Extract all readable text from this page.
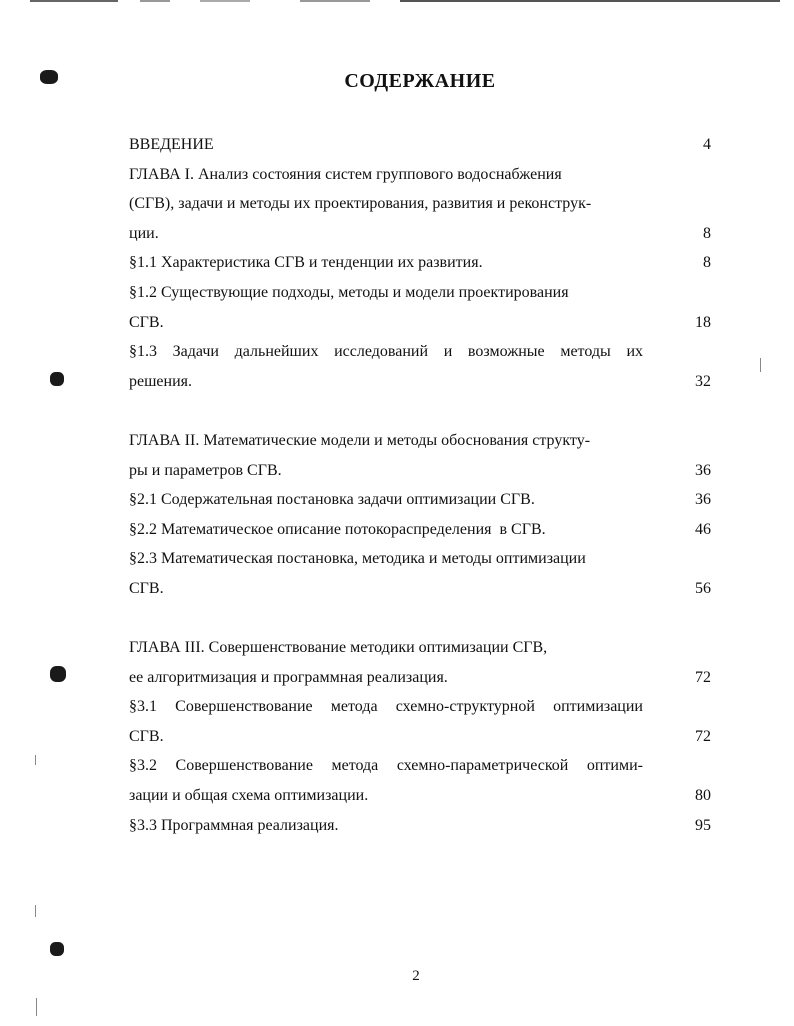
СОДЕРЖАНИЕ
ВВЕДЕНИЕ	4
ГЛАВА I. Анализ состояния систем группового водоснабжения
(СГВ), задачи и методы их проектирования, развития и реконструк-
ции.	8
§1.1 Характеристика СГВ и тенденции их развития.	8
§1.2 Существующие подходы, методы и модели проектирования
СГВ.	18
§1.3 Задачи дальнейших исследований и возможные методы их
решения.	32
ГЛАВА II. Математические модели и методы обоснования структу-
ры и параметров СГВ.	36
§2.1 Содержательная постановка задачи оптимизации СГВ.	36
§2.2 Математическое описание потокораспределения  в СГВ.	46
§2.3 Математическая постановка, методика и методы оптимизации
СГВ.	56
ГЛАВА III. Совершенствование методики оптимизации СГВ,
ее алгоритмизация и программная реализация.	72
§3.1 Совершенствование метода схемно-структурной оптимизации
СГВ.	72
§3.2 Совершенствование метода схемно-параметрической оптими-
зации и общая схема оптимизации.	80
§3.3 Программная реализация.	95
2
